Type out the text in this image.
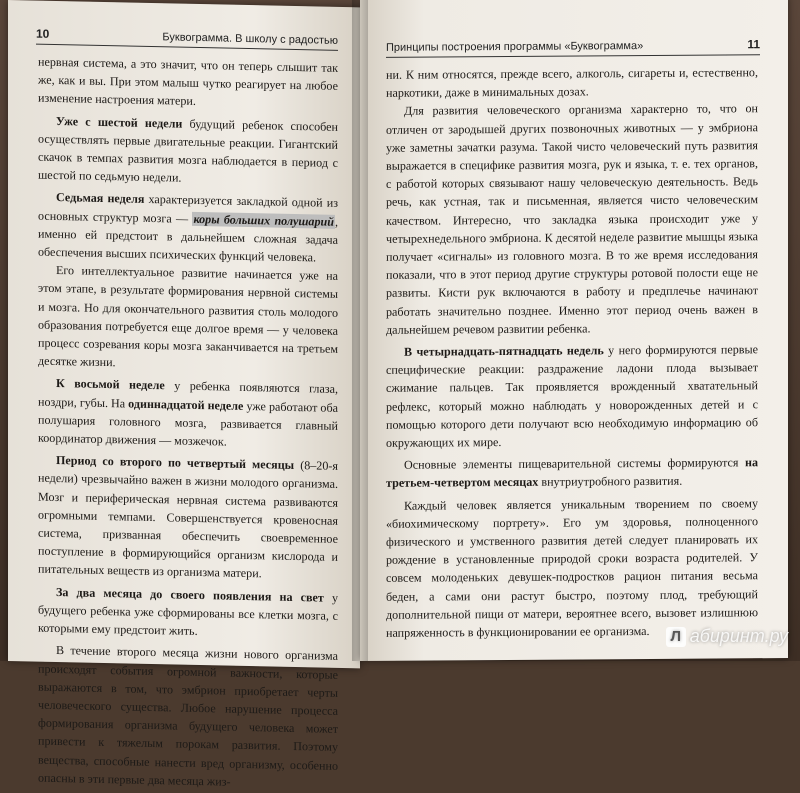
10	Буквограмма. В школу с радостью

нервная система, а это значит, что он теперь слышит так же, как и вы. При этом малыш чутко реагирует на любое изменение настроения матери.

Уже с шестой недели будущий ребенок способен осуществлять первые двигательные реакции. Гигантский скачок в темпах развития мозга наблюдается в период с шестой по седьмую недели.

Седьмая неделя характеризуется закладкой одной из основных структур мозга — коры больших полушарий, именно ей предстоит в дальнейшем сложная задача обеспечения высших психических функций человека.

Его интеллектуальное развитие начинается уже на этом этапе, в результате формирования нервной системы и мозга. Но для окончательного развития столь молодого образования потребуется еще долгое время — у человека процесс созревания коры мозга заканчивается на третьем десятке жизни.

К восьмой неделе у ребенка появляются глаза, ноздри, губы. На одиннадцатой неделе уже работают оба полушария головного мозга, развивается главный координатор движения — мозжечок.

Период со второго по четвертый месяцы (8–20-я недели) чрезвычайно важен в жизни молодого организма. Мозг и периферическая нервная система развиваются огромными темпами. Совершенствуется кровеносная система, призванная обеспечить своевременное поступление в формирующийся организм кислорода и питательных веществ из организма матери.

За два месяца до своего появления на свет у будущего ребенка уже сформированы все клетки мозга, с которыми ему предстоит жить.

В течение второго месяца жизни нового организма происходят события огромной важности, которые выражаются в том, что эмбрион приобретает черты человеческого существа. Любое нарушение процесса формирования организма будущего человека может привести к тяжелым порокам развития. Поэтому вещества, способные нанести вред организму, особенно опасны в эти первые два месяца жиз-

Принципы построения программы «Буквограмма»	11

ни. К ним относятся, прежде всего, алкоголь, сигареты и, естественно, наркотики, даже в минимальных дозах.

Для развития человеческого организма характерно то, что он отличен от зародышей других позвоночных животных — у эмбриона уже заметны зачатки разума. Такой чисто человеческий путь развития выражается в специфике развития мозга, рук и языка, т. е. тех органов, с работой которых связывают нашу человеческую деятельность. Ведь речь, как устная, так и письменная, является чисто человеческим качеством. Интересно, что закладка языка происходит уже у четырехнедельного эмбриона. К десятой неделе развитие мышцы языка получает «сигналы» из головного мозга. В то же время исследования показали, что в этот период другие структуры ротовой полости еще не развиты. Кисти рук включаются в работу и предплечье начинают работать значительно позднее. Именно этот период очень важен в дальнейшем речевом развитии ребенка.

В четырнадцать-пятнадцать недель у него формируются первые специфические реакции: раздражение ладони плода вызывает сжимание пальцев. Так проявляется врожденный хватательный рефлекс, который можно наблюдать у новорожденных детей и с помощью которого дети получают всю необходимую информацию об окружающих их мире.

Основные элементы пищеварительной системы формируются на третьем-четвертом месяцах внутриутробного развития.

Каждый человек является уникальным творением по своему «биохимическому портрету». Его ум здоровья, полноценного физического и умственного развития детей следует планировать их рождение в установленные природой сроки возраста родителей. У совсем молоденьких девушек-подростков рацион питания весьма беден, а сами они растут быстро, поэтому плод, требующий дополнительной пищи от матери, вероятнее всего, вызовет излишнюю напряженность в функционировании ее организма.	Л абиринт.ру
